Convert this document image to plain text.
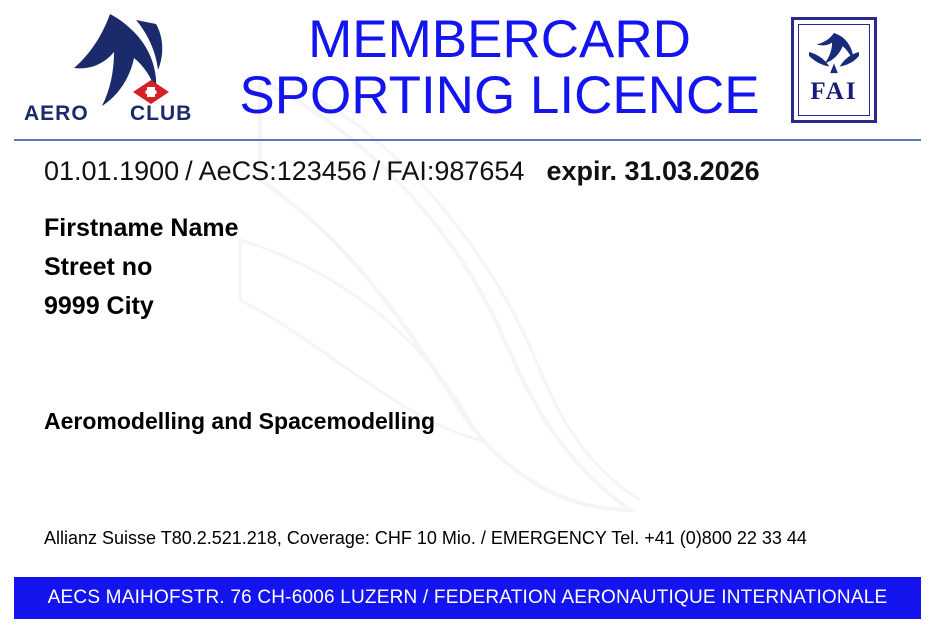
AERO CLUB
MEMBERCARD
SPORTING LICENCE	FAI
01.01.1900 / AeCS:123456 / FAI:987654 expir. 31.03.2026
Firstname Name
Street no
9999 City
Aeromodelling and Spacemodelling
Allianz Suisse T80.2.521.218, Coverage: CHF 10 Mio. / EMERGENCY Tel. +41 (0)800 22 33 44
AECS MAIHOFSTR. 76 CH-6006 LUZERN / FEDERATION AERONAUTIQUE INTERNATIONALE
